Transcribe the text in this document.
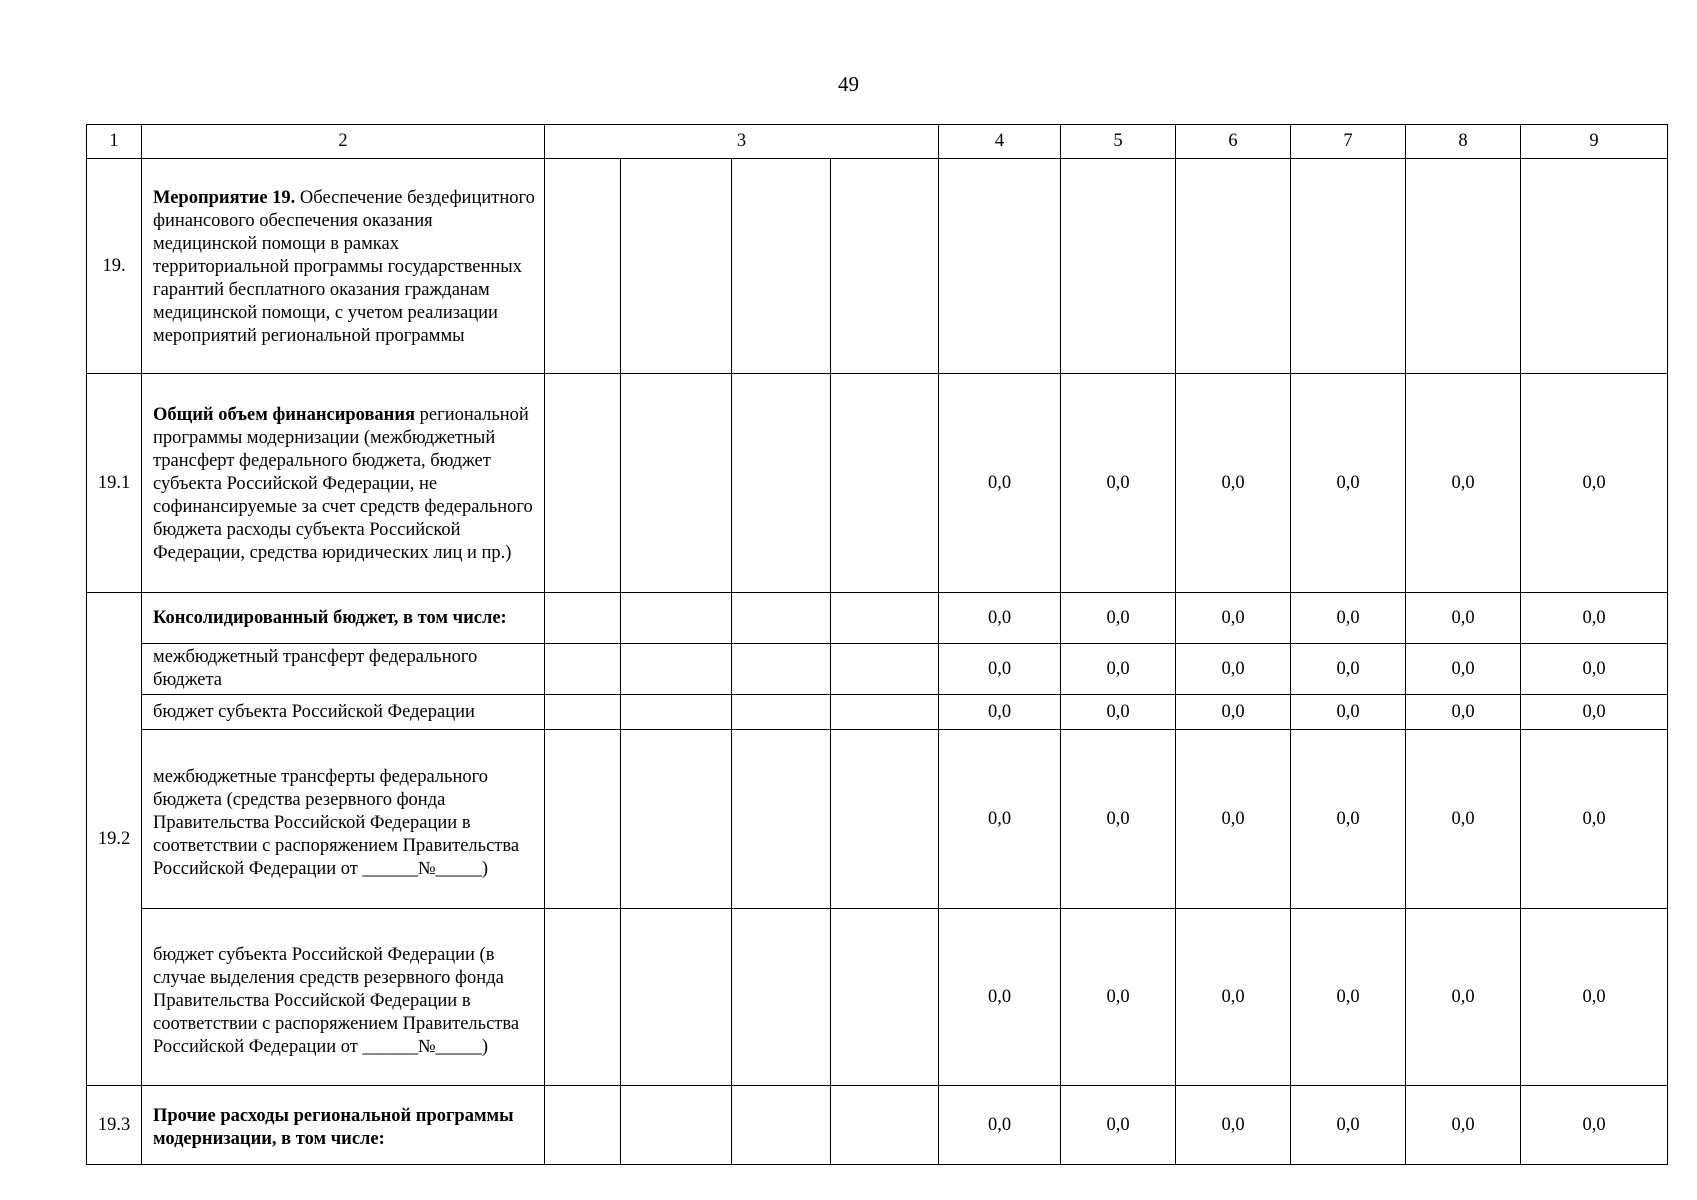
49
1	2	3				4	5	6	7	8	9
19.	Мероприятие 19. Обеспечение бездефицитного финансового обеспечения оказания медицинской помощи в рамках территориальной программы государственных гарантий бесплатного оказания гражданам медицинской помощи, с учетом реализации мероприятий региональной программы										
19.1	Общий объем финансирования региональной программы модернизации (межбюджетный трансферт федерального бюджета, бюджет субъекта Российской Федерации, не софинансируемые за счет средств федерального бюджета расходы субъекта Российской Федерации, средства юридических лиц и пр.)					0,0	0,0	0,0	0,0	0,0	0,0
19.2	Консолидированный бюджет, в том числе:					0,0	0,0	0,0	0,0	0,0	0,0
	межбюджетный трансферт федерального бюджета					0,0	0,0	0,0	0,0	0,0	0,0
	бюджет субъекта Российской Федерации					0,0	0,0	0,0	0,0	0,0	0,0
	межбюджетные трансферты федерального бюджета (средства резервного фонда Правительства Российской Федерации в соответствии с распоряжением Правительства Российской Федерации от ______№_____)					0,0	0,0	0,0	0,0	0,0	0,0
	бюджет субъекта Российской Федерации (в случае выделения средств резервного фонда Правительства Российской Федерации в соответствии с распоряжением Правительства Российской Федерации от ______№_____)					0,0	0,0	0,0	0,0	0,0	0,0
19.3	Прочие расходы региональной программы модернизации, в том числе:					0,0	0,0	0,0	0,0	0,0	0,0
